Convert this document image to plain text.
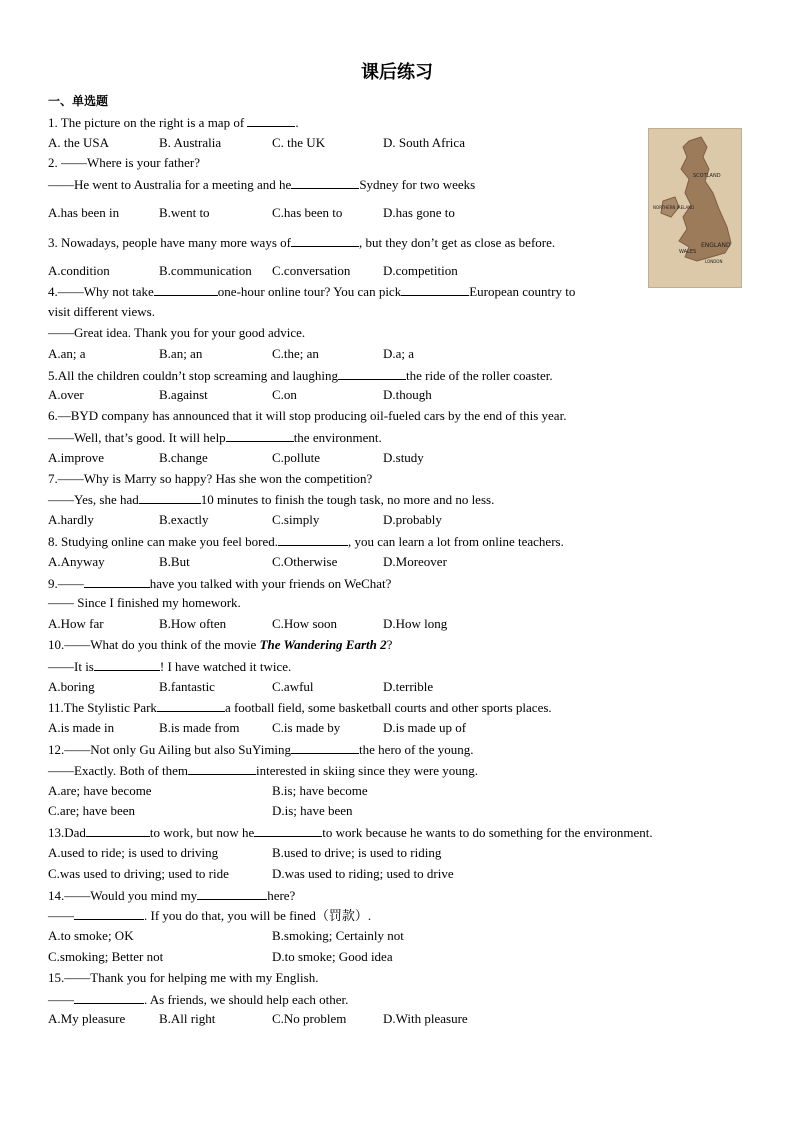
课后练习
一、单选题
SCOTLAND
NORTHERN IRELAND
WALES
ENGLAND
LONDON
1. The picture on the right is a map of	.
A. the USA	B. Australia	C. the UK	D. South Africa
2. ——Where is your father?
——He went to Australia for a meeting and he	Sydney for two weeks
A.has been in	B.went to	C.has been to	D.has gone to
3. Nowadays, people have many more ways of	, but they don’t get as close as before.
A.condition	B.communication C.conversation	D.competition
4.——Why not take	one-hour online tour? You can pick	European country to
visit different views.
——Great idea. Thank you for your good advice.
A.an; a	B.an; an	C.the; an	D.a; a
5.All the children couldn’t stop screaming and laughing	the ride of the roller coaster.
A.over	B.against	C.on	D.though
6.—BYD company has announced that it will stop producing oil-fueled cars by the end of this year.
——Well, that’s good. It will help	the environment.
A.improve	B.change	C.pollute	D.study
7.——Why is Marry so happy? Has she won the competition?
——Yes, she had	10 minutes to finish the tough task, no more and no less.
A.hardly	B.exactly	C.simply	D.probably
8. Studying online can make you feel bored.	, you can learn a lot from online teachers.
A.Anyway	B.But	C.Otherwise	D.Moreover
9.——	have you talked with your friends on WeChat?
—— Since I finished my homework.
A.How far	B.How often	C.How soon	D.How long
10.——What do you think of the movie The Wandering Earth 2?
——It is	! I have watched it twice.
A.boring	B.fantastic	C.awful	D.terrible
11.The Stylistic Park	a football field, some basketball courts and other sports places.
A.is made in	B.is made from C.is made by	D.is made up of
12.——Not only Gu Ailing but also SuYiming	the hero of the young.
——Exactly. Both of them	interested in skiing since they were young.
A.are; have become	B.is; have become
C.are; have been	D.is; have been
13.Dad	to work, but now he	to work because he wants to do something for the environment.
A.used to ride; is used to driving	B.used to drive; is used to riding
C.was used to driving; used to ride	D.was used to riding; used to drive
14.——Would you mind my	here?
——	. If you do that, you will be fined（罚款）.
A.to smoke; OK	B.smoking; Certainly not
C.smoking; Better not	D.to smoke; Good idea
15.——Thank you for helping me with my English.
——	. As friends, we should help each other.
A.My pleasure	B.All right	C.No problem	D.With pleasure
